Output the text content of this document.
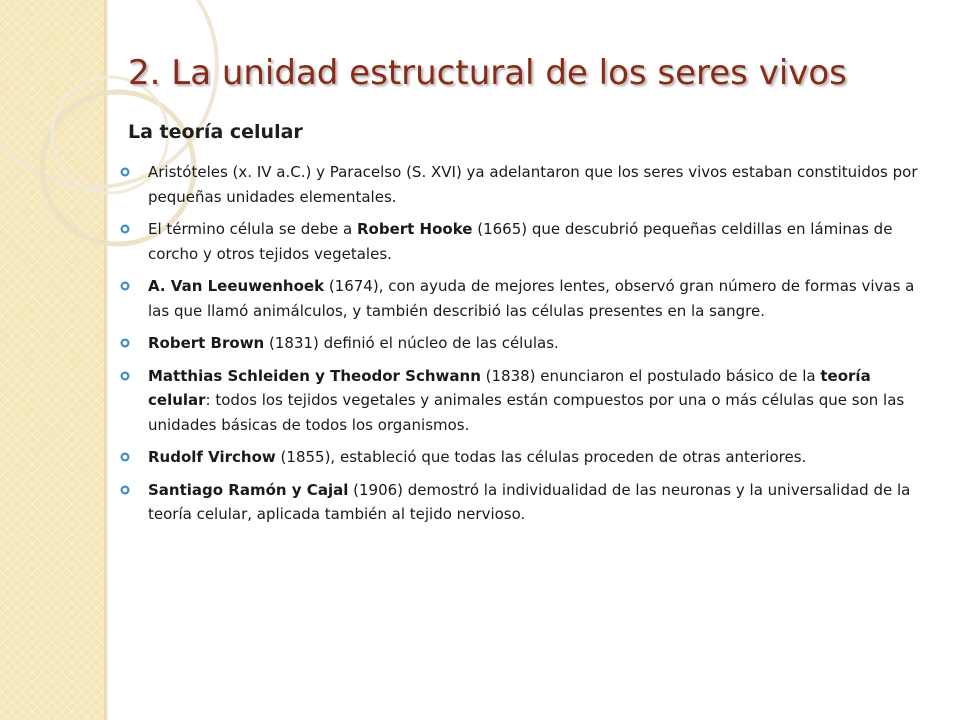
2. La unidad estructural de los seres vivos
La teoría celular
Aristóteles (x. IV a.C.) y Paracelso (S. XVI) ya adelantaron que los seres vivos estaban constituidos por pequeñas unidades elementales.
El término célula se debe a Robert Hooke (1665) que descubrió pequeñas celdillas en láminas de corcho y otros tejidos vegetales.
A. Van Leeuwenhoek (1674), con ayuda de mejores lentes, observó gran número de formas vivas a las que llamó animálculos, y también describió las células presentes en la sangre.
Robert Brown (1831) definió el núcleo de las células.
Matthias Schleiden y Theodor Schwann (1838) enunciaron el postulado básico de la teoría celular: todos los tejidos vegetales y animales están compuestos por una o más células que son las unidades básicas de todos los organismos.
Rudolf Virchow (1855), estableció que todas las células proceden de otras anteriores.
Santiago Ramón y Cajal (1906) demostró la individualidad de las neuronas y la universalidad de la teoría celular, aplicada también al tejido nervioso.
